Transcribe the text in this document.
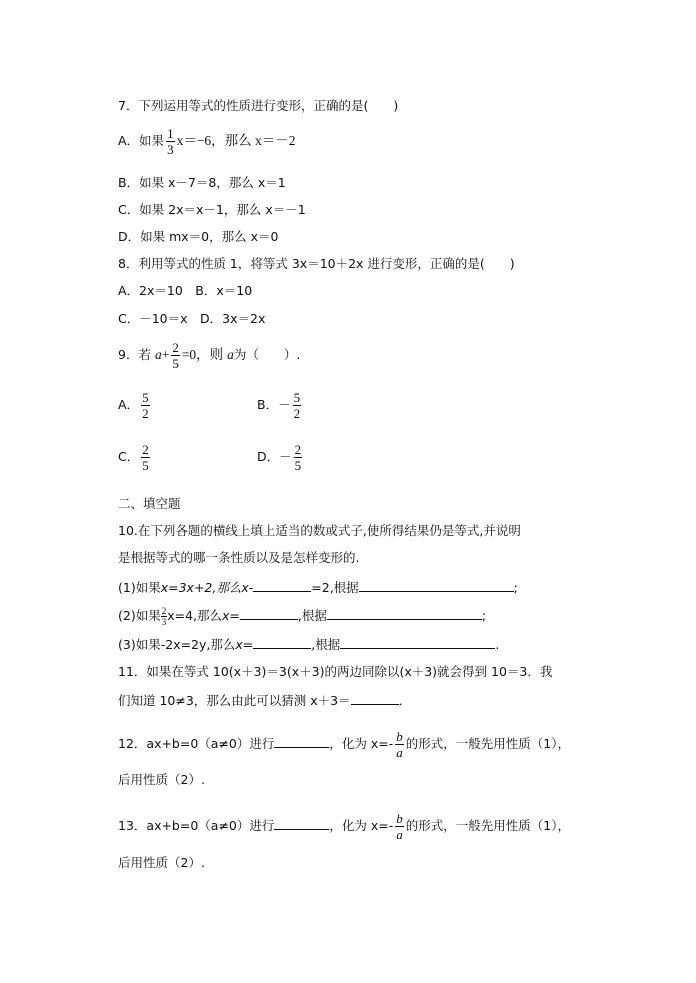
7．下列运用等式的性质进行变形，正确的是(　　)
A．如果 $\frac{1}{3} x=-6$，那么 x＝－2
B．如果 x－7＝8，那么 x＝1
C．如果 2x＝x－1，那么 x＝－1
D．如果 mx＝0，那么 x＝0
8．利用等式的性质 1，将等式 3x＝10＋2x 进行变形，正确的是(　　)
A．2x＝10　B．x＝10
C．－10＝x　D．3x＝2x
9．若 $a+ \frac{2}{5} =0$，则 a为（　　）.
A． $\frac{5}{2}$	B．－ $\frac{5}{2}$
C． $\frac{2}{5}$	D．－ $\frac{2}{5}$
二、填空题
10.在下列各题的横线上填上适当的数或式子,使所得结果仍是等式,并说明
是根据等式的哪一条性质以及是怎样变形的.
(1)如果x=3x+2,那么x-	=2,根据	;
(2)如果 $\frac{2}{3} x=4$,那么x=	,根据	;
(3)如果-2x=2y,那么x=	,根据	.
11．如果在等式 10(x＋3)＝3(x＋3)的两边同除以(x＋3)就会得到 10＝3．我
们知道 10≠3，那么由此可以猜测 x＋3＝	．
12．ax+b=0（a≠0）进行	，化为 $x=- \frac{b}{a}$ 的形式，一般先用性质（1），
后用性质（2）.
13．ax+b=0（a≠0）进行	，化为 $x=- \frac{b}{a}$ 的形式，一般先用性质（1），
后用性质（2）.
